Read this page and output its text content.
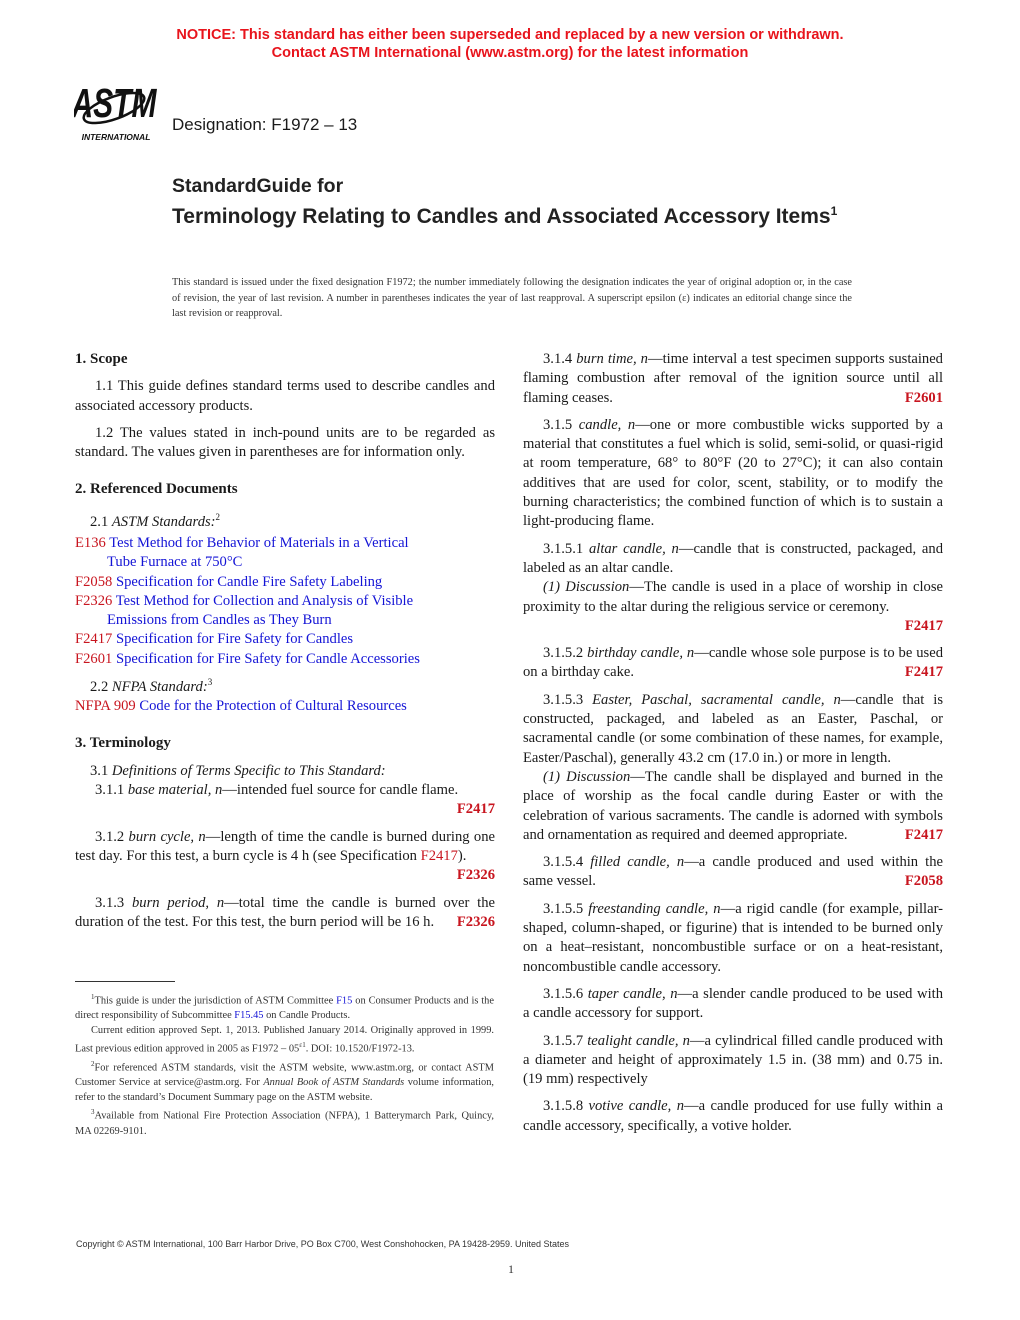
NOTICE: This standard has either been superseded and replaced by a new version or withdrawn.
Contact ASTM International (www.astm.org) for the latest information
ASTM
INTERNATIONAL
Designation: F1972 – 13
StandardGuide for
Terminology Relating to Candles and Associated Accessory Items$^1$
This standard is issued under the fixed designation F1972; the number immediately following the designation indicates the year of original adoption or, in the case of revision, the year of last revision. A number in parentheses indicates the year of last reapproval. A superscript epsilon (ε) indicates an editorial change since the last revision or reapproval.
1. Scope

1.1 This guide defines standard terms used to describe candles and associated accessory products.

1.2 The values stated in inch-pound units are to be regarded as standard. The values given in parentheses are for information only.

2. Referenced Documents

2.1 ASTM Standards:$^2$

E136 Test Method for Behavior of Materials in a Vertical
Tube Furnace at 750°C
F2058 Specification for Candle Fire Safety Labeling
F2326 Test Method for Collection and Analysis of Visible
Emissions from Candles as They Burn
F2417 Specification for Fire Safety for Candles
F2601 Specification for Fire Safety for Candle Accessories

2.2 NFPA Standard:$^3$

NFPA 909 Code for the Protection of Cultural Resources
3. Terminology

3.1 Definitions of Terms Specific to This Standard:

3.1.1 base material, n—intended fuel source for candle flame.
F2417
3.1.2 burn cycle, n—length of time the candle is burned during one test day. For this test, a burn cycle is 4 h (see Specification F2417).
F2326
3.1.3 burn period, n—total time the candle is burned over the duration of the test. For this test, the burn period will be 16 h.	F2326

$^1$This guide is under the jurisdiction of ASTM Committee F15 on Consumer Products and is the direct responsibility of Subcommittee F15.45 on Candle Products.

Current edition approved Sept. 1, 2013. Published January 2014. Originally approved in 1999. Last previous edition approved in 2005 as $F1972 - 05^{\varepsilon 1}$. DOI: 10.1520/F1972-13.

$^2$For referenced ASTM standards, visit the ASTM website, www.astm.org, or contact ASTM Customer Service at service@astm.org. For Annual Book of ASTM Standards volume information, refer to the standard’s Document Summary page on the ASTM website.

$^3$Available from National Fire Protection Association (NFPA), 1 Batterymarch Park, Quincy, MA 02269-9101.

3.1.4 burn time, n—time interval a test specimen supports sustained flaming combustion after removal of the ignition source until all flaming ceases.	F2601
3.1.5 candle, n—one or more combustible wicks supported by a material that constitutes a fuel which is solid, semi-solid, or quasi-rigid at room temperature, 68° to 80°F (20 to 27°C); it can also contain additives that are used for color, scent, stability, or to modify the burning characteristics; the combined function of which is to sustain a light-producing flame.
3.1.5.1 altar candle, n—candle that is constructed, packaged, and labeled as an altar candle.
(1) Discussion—The candle is used in a place of worship in close proximity to the altar during the religious service or ceremony.
F2417
3.1.5.2 birthday candle, n—candle whose sole purpose is to be used on a birthday cake.	F2417
3.1.5.3 Easter, Paschal, sacramental candle, n—candle that is constructed, packaged, and labeled as an Easter, Paschal, or sacramental candle (or some combination of these names, for example, Easter/Paschal), generally 43.2 cm (17.0 in.) or more in length.
(1) Discussion—The candle shall be displayed and burned in the place of worship as the focal candle during Easter or with the celebration of various sacraments. The candle is adorned with symbols and ornamentation as required and deemed appropriate.	F2417
3.1.5.4 filled candle, n—a candle produced and used within the same vessel.	F2058
3.1.5.5 freestanding candle, n—a rigid candle (for example, pillar-shaped, column-shaped, or figurine) that is intended to be burned only on a heat–resistant, noncombustible surface or on a heat-resistant, noncombustible candle accessory.
3.1.5.6 taper candle, n—a slender candle produced to be used with a candle accessory for support.
3.1.5.7 tealight candle, n—a cylindrical filled candle produced with a diameter and height of approximately 1.5 in. (38 mm) and 0.75 in. (19 mm) respectively
3.1.5.8 votive candle, n—a candle produced for use fully within a candle accessory, specifically, a votive holder.
Copyright © ASTM International, 100 Barr Harbor Drive, PO Box C700, West Conshohocken, PA 19428-2959. United States
1
